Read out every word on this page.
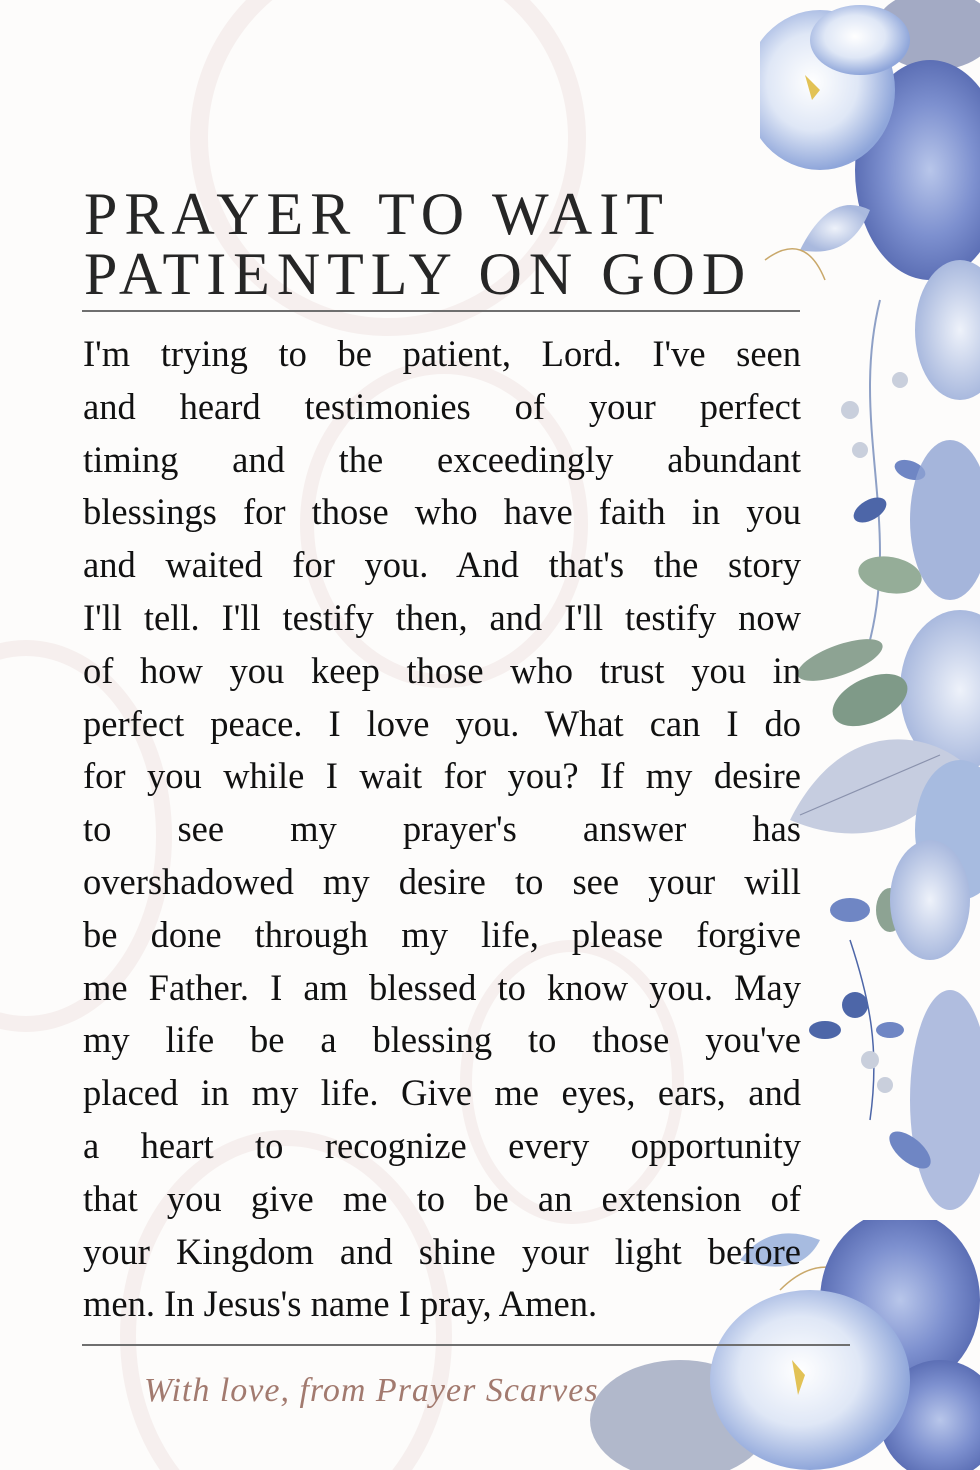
PRAYER TO WAIT
PATIENTLY ON GOD

I'm trying to be patient, Lord. I've seen
and heard testimonies of your perfect
timing and the exceedingly abundant
blessings for those who have faith in you
and waited for you. And that's the story
I'll tell. I'll testify then, and I'll testify now
of how you keep those who trust you in
perfect peace. I love you. What can I do
for you while I wait for you? If my desire
to see my prayer's answer has
overshadowed my desire to see your will
be done through my life, please forgive
me Father. I am blessed to know you. May
my life be a blessing to those you've
placed in my life. Give me eyes, ears, and
a heart to recognize every opportunity
that you give me to be an extension of
your Kingdom and shine your light before
men. In Jesus's name I pray, Amen.

With love, from Prayer Scarves
